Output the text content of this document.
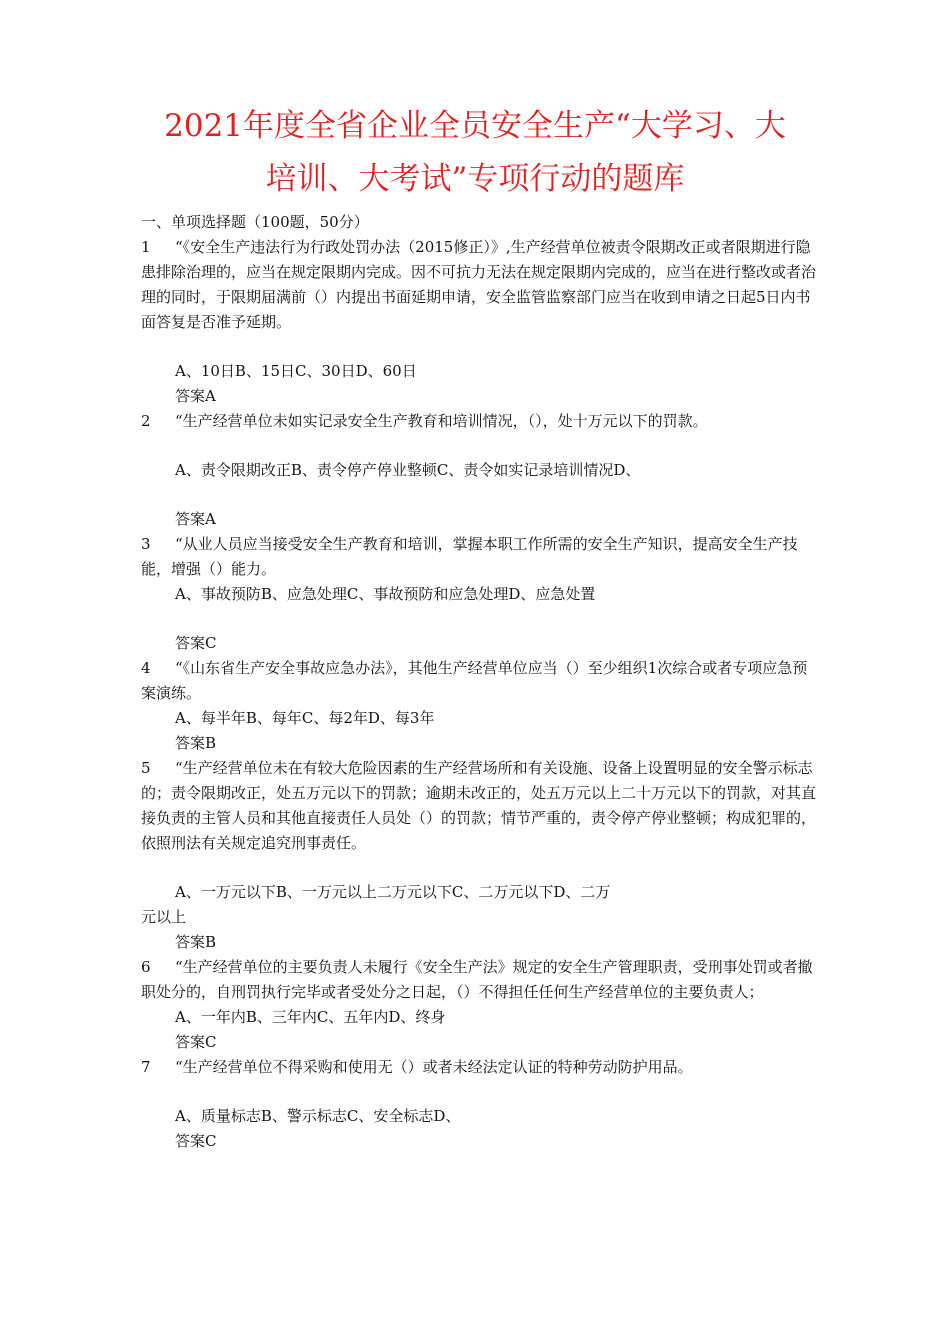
2021年度全省企业全员安全生产“大学习、大
培训、大考试”专项行动的题库
一、单项选择题（100题，50分）
1	“《安全生产违法行为行政处罚办法（2015修正）》,生产经营单位被责令限期改正或者限期进行隐患排除治理的，应当在规定限期内完成。因不可抗力无法在规定限期内完成的，应当在进行整改或者治理的同时，于限期届满前（）内提出书面延期申请，安全监管监察部门应当在收到申请之日起5日内书面答复是否准予延期。
A、10日B、15日C、30日D、60日
答案A
2	“生产经营单位未如实记录安全生产教育和培训情况，（），处十万元以下的罚款。
A、责令限期改正B、责令停产停业整顿C、责令如实记录培训情况D、
答案A
3	“从业人员应当接受安全生产教育和培训，掌握本职工作所需的安全生产知识，提高安全生产技能，增强（）能力。
A、事故预防B、应急处理C、事故预防和应急处理D、应急处置
答案C
4	“《山东省生产安全事故应急办法》，其他生产经营单位应当（）至少组织1次综合或者专项应急预案演练。
A、每半年B、每年C、每2年D、每3年
答案B
5	“生产经营单位未在有较大危险因素的生产经营场所和有关设施、设备上设置明显的安全警示标志的；责令限期改正，处五万元以下的罚款；逾期未改正的，处五万元以上二十万元以下的罚款，对其直接负责的主管人员和其他直接责任人员处（）的罚款；情节严重的，责令停产停业整顿；构成犯罪的，依照刑法有关规定追究刑事责任。
A、一万元以下B、一万元以上二万元以下C、二万元以下D、二万
元以上
答案B
6	“生产经营单位的主要负责人未履行《安全生产法》规定的安全生产管理职责，受刑事处罚或者撤职处分的，自刑罚执行完毕或者受处分之日起，（）不得担任任何生产经营单位的主要负责人；
A、一年内B、三年内C、五年内D、终身
答案C
7	“生产经营单位不得采购和使用无（）或者未经法定认证的特种劳动防护用品。
A、质量标志B、警示标志C、安全标志D、
答案C
